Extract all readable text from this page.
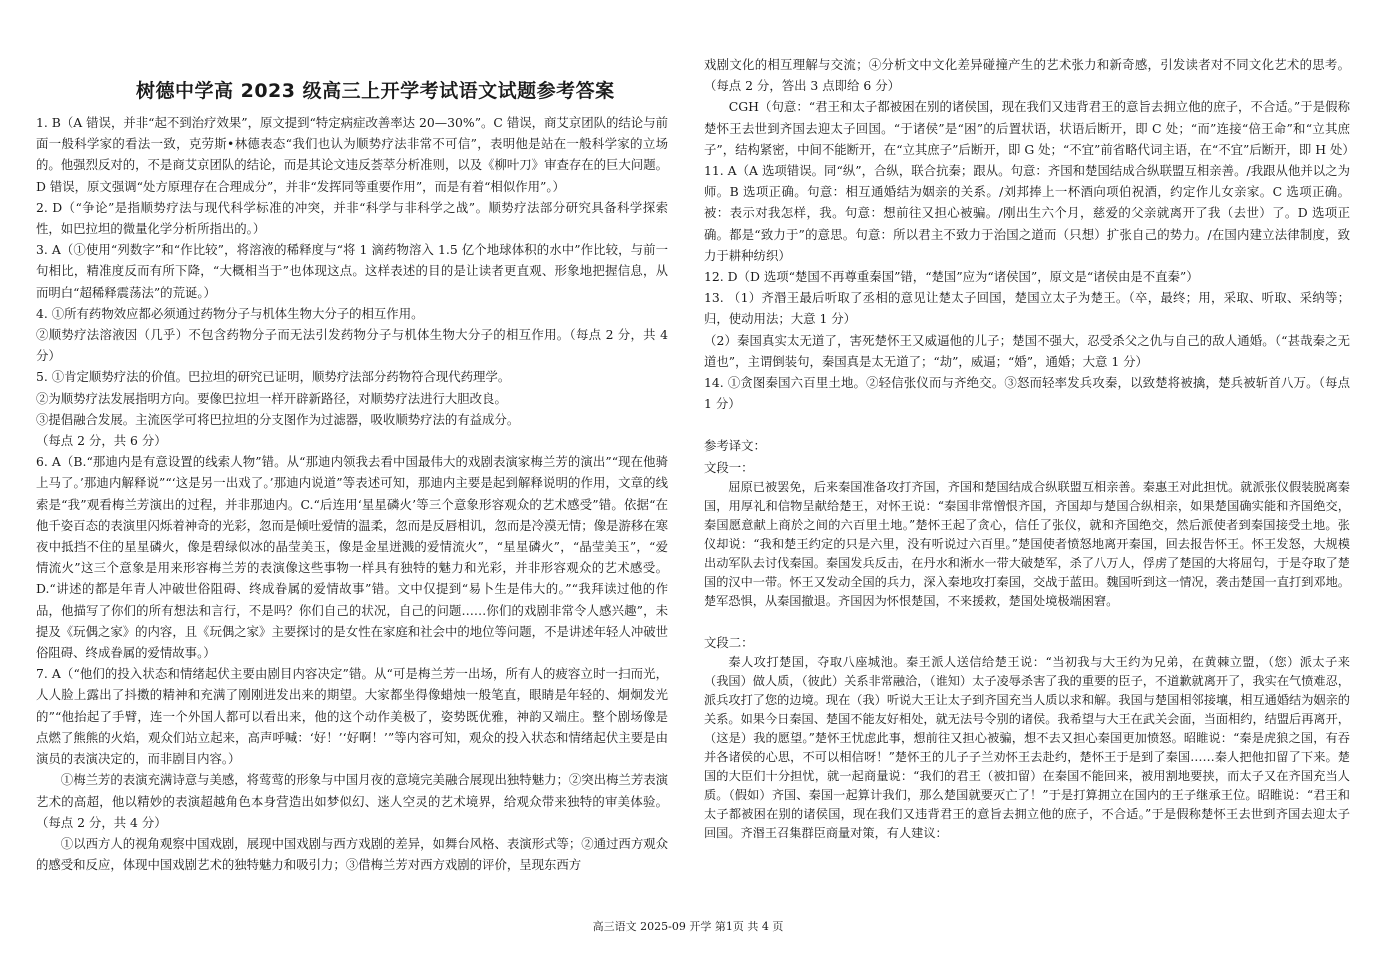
树德中学高 2023 级高三上开学考试语文试题参考答案

1. B（A 错误，并非“起不到治疗效果”，原文提到“特定病症改善率达 20—30%”。C 错误，商艾京团队的结论与前面一般科学家的看法一致，克劳斯•林德表态“我们也认为顺势疗法非常不可信”，表明他是站在一般科学家的立场的。他强烈反对的，不是商艾京团队的结论，而是其论文违反荟萃分析准则，以及《柳叶刀》审查存在的巨大问题。D 错误，原文强调“处方原理存在合理成分”，并非“发挥同等重要作用”，而是有着“相似作用”。）

2. D（“争论”是指顺势疗法与现代科学标准的冲突，并非“科学与非科学之战”。顺势疗法部分研究具备科学探索性，如巴拉坦的微量化学分析所指出的。）

3. A（①使用“列数字”和“作比较”，将溶液的稀释度与“将 1 滴药物溶入 1.5 亿个地球体积的水中”作比较，与前一句相比，精准度反而有所下降，“大概相当于”也体现这点。这样表述的目的是让读者更直观、形象地把握信息，从而明白“超稀释震荡法”的荒诞。）

4. ①所有药物效应都必须通过药物分子与机体生物大分子的相互作用。

②顺势疗法溶液因（几乎）不包含药物分子而无法引发药物分子与机体生物大分子的相互作用。（每点 2 分，共 4 分）

5. ①肯定顺势疗法的价值。巴拉坦的研究已证明，顺势疗法部分药物符合现代药理学。

②为顺势疗法发展指明方向。要像巴拉坦一样开辟新路径，对顺势疗法进行大胆改良。

③提倡融合发展。主流医学可将巴拉坦的分支图作为过滤器，吸收顺势疗法的有益成分。

（每点 2 分，共 6 分）

6. A（B.“那迪内是有意设置的线索人物”错。从“那迪内领我去看中国最伟大的戏剧表演家梅兰芳的演出”“现在他骑上马了。’那迪内解释说”“‘这是另一出戏了。’那迪内说道”等表述可知，那迪内主要是起到解释说明的作用，文章的线索是“我”观看梅兰芳演出的过程，并非那迪内。C.“后连用‘星星磷火’等三个意象形容观众的艺术感受”错。依据“在他千姿百态的表演里闪烁着神奇的光彩，忽而是倾吐爱情的温柔，忽而是反唇相讥，忽而是冷漠无情；像是游移在寒夜中抵挡不住的星星磷火，像是碧绿似冰的晶莹美玉，像是金星迸溅的爱情流火”，“星星磷火”，“晶莹美玉”，“爱情流火”这三个意象是用来形容梅兰芳的表演像这些事物一样具有独特的魅力和光彩，并非形容观众的艺术感受。D.“讲述的都是年青人冲破世俗阻碍、终成眷属的爱情故事”错。文中仅提到“易卜生是伟大的。”“我拜读过他的作品，他描写了你们的所有想法和言行，不是吗？你们自己的状况，自己的问题……你们的戏剧非常令人感兴趣”，未提及《玩偶之家》的内容，且《玩偶之家》主要探讨的是女性在家庭和社会中的地位等问题，不是讲述年轻人冲破世俗阻碍、终成眷属的爱情故事。）

7. A（“他们的投入状态和情绪起伏主要由剧目内容决定”错。从“可是梅兰芳一出场，所有人的疲容立时一扫而光，人人脸上露出了抖擞的精神和充满了刚刚进发出来的期望。大家都坐得像蜡烛一般笔直，眼睛是年轻的、炯炯发光的”“他抬起了手臂，连一个外国人都可以看出来，他的这个动作美极了，姿势既优雅，神韵又端庄。整个剧场像是点燃了熊熊的火焰，观众们站立起来，高声呼喊：‘好！’‘好啊！’”等内容可知，观众的投入状态和情绪起伏主要是由演员的表演决定的，而非剧目内容。）

①梅兰芳的表演充满诗意与美感，将莺莺的形象与中国月夜的意境完美融合展现出独特魅力；②突出梅兰芳表演艺术的高超，他以精妙的表演超越角色本身营造出如梦似幻、迷人空灵的艺术境界，给观众带来独特的审美体验。（每点 2 分，共 4 分）

①以西方人的视角观察中国戏剧，展现中国戏剧与西方戏剧的差异，如舞台风格、表演形式等；②通过西方观众的感受和反应，体现中国戏剧艺术的独特魅力和吸引力；③借梅兰芳对西方戏剧的评价，呈现东西方

戏剧文化的相互理解与交流；④分析文中文化差异碰撞产生的艺术张力和新奇感，引发读者对不同文化艺术的思考。（每点 2 分，答出 3 点即给 6 分）

CGH（句意：“君王和太子都被困在别的诸侯国，现在我们又违背君王的意旨去拥立他的庶子，不合适。”于是假称楚怀王去世到齐国去迎太子回国。“于诸侯”是“困”的后置状语，状语后断开，即 C 处；“而”连接“倍王命”和“立其庶子”，结构紧密，中间不能断开，在“立其庶子”后断开，即 G 处；“不宜”前省略代词主语，在“不宜”后断开，即 H 处）

11. A（A 选项错误。同“纵”，合纵，联合抗秦；跟从。句意：齐国和楚国结成合纵联盟互相亲善。/我跟从他并以之为师。B 选项正确。句意：相互通婚结为姻亲的关系。/刘邦捧上一杯酒向项伯祝酒，约定作儿女亲家。C 选项正确。被：表示对我怎样，我。句意：想前往又担心被骗。/刚出生六个月，慈爱的父亲就离开了我（去世）了。D 选项正确。都是“致力于”的意思。句意：所以君主不致力于治国之道而（只想）扩张自己的势力。/在国内建立法律制度，致力于耕种纺织）

12. D（D 选项“楚国不再尊重秦国”错，“楚国”应为“诸侯国”，原文是“诸侯由是不直秦”）

13. （1）齐湣王最后听取了丞相的意见让楚太子回国，楚国立太子为楚王。（卒，最终；用，采取、听取、采纳等；归，使动用法；大意 1 分）

（2）秦国真实太无道了，害死楚怀王又威逼他的儿子；楚国不强大，忍受杀父之仇与自己的敌人通婚。（“甚哉秦之无道也”，主谓倒装句，秦国真是太无道了；“劫”，威逼；“婚”，通婚；大意 1 分）

14. ①贪图秦国六百里土地。②轻信张仪而与齐绝交。③怒而轻率发兵攻秦，以致楚将被擒，楚兵被斩首八万。（每点 1 分）

参考译文：

文段一：

屈原已被罢免，后来秦国准备攻打齐国，齐国和楚国结成合纵联盟互相亲善。秦惠王对此担忧。就派张仪假装脱离秦国，用厚礼和信物呈献给楚王，对怀王说：“秦国非常憎恨齐国，齐国却与楚国合纵相亲，如果楚国确实能和齐国绝交，秦国愿意献上商於之间的六百里土地。”楚怀王起了贪心，信任了张仪，就和齐国绝交，然后派使者到秦国接受土地。张仪却说：“我和楚王约定的只是六里，没有听说过六百里。”楚国使者愤怒地离开秦国，回去报告怀王。怀王发怒，大规模出动军队去讨伐秦国。秦国发兵反击，在丹水和淅水一带大破楚军，杀了八万人，俘虏了楚国的大将屈匄，于是夺取了楚国的汉中一带。怀王又发动全国的兵力，深入秦地攻打秦国，交战于蓝田。魏国听到这一情况，袭击楚国一直打到邓地。楚军恐惧，从秦国撤退。齐国因为怀恨楚国，不来援救，楚国处境极端困窘。

文段二：

秦人攻打楚国，夺取八座城池。秦王派人送信给楚王说：“当初我与大王约为兄弟，在黄棘立盟，（您）派太子来（我国）做人质，（彼此）关系非常融洽，（谁知）太子凌辱杀害了我的重要的臣子，不道歉就离开了，我实在气愤难忍，派兵攻打了您的边境。现在（我）听说大王让太子到齐国充当人质以求和解。我国与楚国相邻接壤，相互通婚结为姻亲的关系。如果今日秦国、楚国不能友好相处，就无法号令别的诸侯。我希望与大王在武关会面，当面相约，结盟后再离开，（这是）我的愿望。”楚怀王忧虑此事，想前往又担心被骗，想不去又担心秦国更加愤怒。昭睢说：“秦是虎狼之国，有吞并各诸侯的心思，不可以相信呀！”楚怀王的儿子子兰劝怀王去赴约，楚怀王于是到了秦国……秦人把他扣留了下来。楚国的大臣们十分担忧，就一起商量说：“我们的君王（被扣留）在秦国不能回来，被用割地要挟，而太子又在齐国充当人质。（假如）齐国、秦国一起算计我们，那么楚国就要灭亡了！”于是打算拥立在国内的王子继承王位。昭睢说：“君王和太子都被困在别的诸侯国，现在我们又违背君王的意旨去拥立他的庶子，不合适。”于是假称楚怀王去世到齐国去迎太子回国。齐湣王召集群臣商量对策，有人建议：

高三语文 2025-09 开学 第1页 共 4 页
